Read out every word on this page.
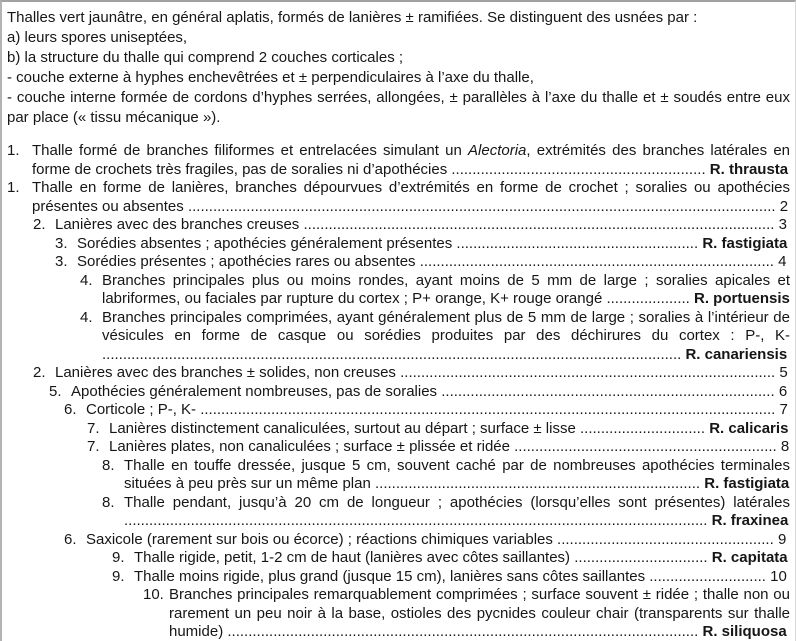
Thalles vert jaunâtre, en général aplatis, formés de lanières ± ramifiées. Se distinguent des usnées par :

a) leurs spores uniseptées,

b) la structure du thalle qui comprend 2 couches corticales ;

- couche externe à hyphes enchevêtrées et ± perpendiculaires à l’axe du thalle,

- couche interne formée de cordons d’hyphes serrées, allongées, ± parallèles à l’axe du thalle et ± soudés entre eux par place (« tissu mécanique »).

1. Thalle formé de branches filiformes et entrelacées simulant un Alectoria, extrémités des branches latérales en forme de crochets très fragiles, pas de soralies ni d’apothécies ............................................................. R. thrausta
1. Thalle en forme de lanières, branches dépourvues d’extrémités en forme de crochet ; soralies ou apothécies présentes ou absentes ............................................................................................................................................. 2
2. Lanières avec des branches creuses ................................................................................................................. 3
3. Sorédies absentes ; apothécies généralement présentes .......................................................... R. fastigiata
3. Sorédies présentes ; apothécies rares ou absentes ..................................................................................... 4
4. Branches principales plus ou moins rondes, ayant moins de 5 mm de large ; soralies apicales et labriformes, ou faciales par rupture du cortex ; P+ orange, K+ rouge orangé .................... R. portuensis
4. Branches principales comprimées, ayant généralement plus de 5 mm de large ; soralies à l’intérieur de vésicules en forme de casque ou sorédies produites par des déchirures du cortex : P-, K- ........................................................................................................................................... R. canariensis
2. Lanières avec des branches ± solides, non creuses .......................................................................................... 5
5. Apothécies généralement nombreuses, pas de soralies ................................................................................ 6
6. Corticole ; P-, K- .......................................................................................................................................... 7
7. Lanières distinctement canaliculées, surtout au départ ; surface ± lisse .............................. R. calicaris
7. Lanières plates, non canaliculées ; surface ± plissée et ridée ............................................................... 8
8. Thalle en touffe dressée, jusque 5 cm, souvent caché par de nombreuses apothécies terminales situées à peu près sur un même plan .............................................................................. R. fastigiata
8. Thalle pendant, jusqu’à 20 cm de longueur ; apothécies (lorsqu’elles sont présentes) latérales ............................................................................................................................................ R. fraxinea
6. Saxicole (rarement sur bois ou écorce) ; réactions chimiques variables .................................................... 9
9. Thalle rigide, petit, 1-2 cm de haut (lanières avec côtes saillantes) ................................ R. capitata
9. Thalle moins rigide, plus grand (jusque 15 cm), lanières sans côtes saillantes ............................ 10
10. Branches principales remarquablement comprimées ; surface souvent ± ridée ; thalle non ou rarement un peu noir à la base, ostioles des pycnides couleur chair (transparents sur thalle humide) ................................................................................................................. R. siliquosa
